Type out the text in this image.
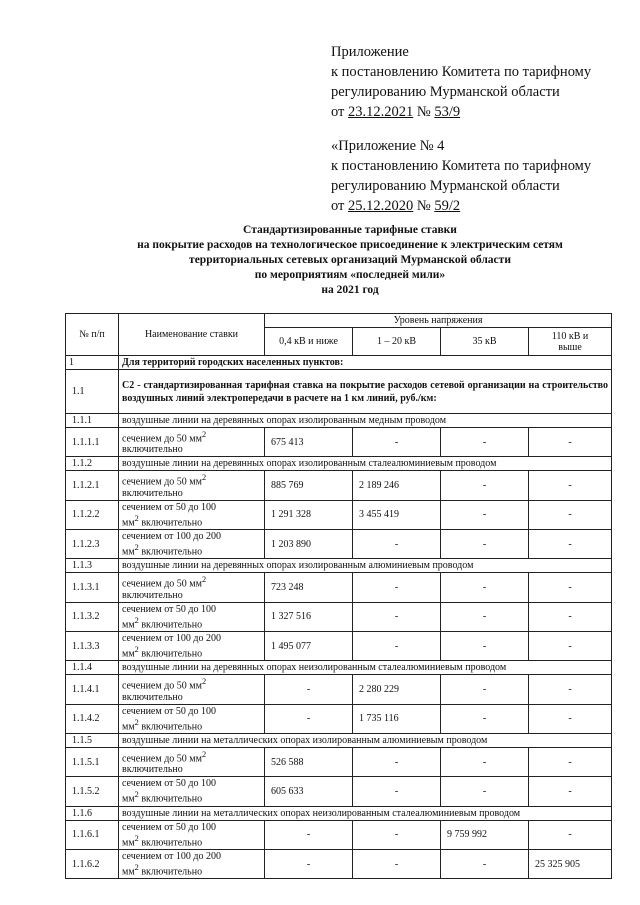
Приложение
к постановлению Комитета по тарифному
регулированию Мурманской области
от 23.12.2021 № 53/9
«Приложение № 4
к постановлению Комитета по тарифному
регулированию Мурманской области
от 25.12.2020 № 59/2
Стандартизированные тарифные ставки
на покрытие расходов на технологическое присоединение к электрическим сетям
территориальных сетевых организаций Мурманской области
по мероприятиям «последней мили»
на 2021 год
№ п/п	Наименование ставки	Уровень напряжения			
		0,4 кВ и ниже	1 – 20 кВ	35 кВ	110 кВ и
выше
1	Для территорий городских населенных пунктов:				
1.1	С2 - стандартизированная тарифная ставка на покрытие расходов сетевой организации на строительство воздушных линий электропередачи в расчете на 1 км линий, руб./км:				
1.1.1	воздушные линии на деревянных опорах изолированным медным проводом				
1.1.1.1	сечением до 50 $мм^2$
включительно	675 413	-	-	-
1.1.2	воздушные линии на деревянных опорах изолированным сталеалюминиевым проводом				
1.1.2.1	сечением до 50 $мм^2$
включительно	885 769	2 189 246	-	-
1.1.2.2	сечением от 50 до 100
$мм^2$ включительно	1 291 328	3 455 419	-	-
1.1.2.3	сечением от 100 до 200
$мм^2$ включительно	1 203 890	-	-	-
1.1.3	воздушные линии на деревянных опорах изолированным алюминиевым проводом				
1.1.3.1	сечением до 50 $мм^2$
включительно	723 248	-	-	-
1.1.3.2	сечением от 50 до 100
$мм^2$ включительно	1 327 516	-	-	-
1.1.3.3	сечением от 100 до 200
$мм^2$ включительно	1 495 077	-	-	-
1.1.4	воздушные линии на деревянных опорах неизолированным сталеалюминиевым проводом				
1.1.4.1	сечением до 50 $мм^2$
включительно	-	2 280 229	-	-
1.1.4.2	сечением от 50 до 100
$мм^2$ включительно	-	1 735 116	-	-
1.1.5	воздушные линии на металлических опорах изолированным алюминиевым проводом				
1.1.5.1	сечением до 50 $мм^2$
включительно	526 588	-	-	-
1.1.5.2	сечением от 50 до 100
$мм^2$ включительно	605 633	-	-	-
1.1.6	воздушные линии на металлических опорах неизолированным сталеалюминиевым проводом				
1.1.6.1	сечением от 50 до 100
$мм^2$ включительно	-	-	9 759 992	-
1.1.6.2	сечением от 100 до 200
$мм^2$ включительно	-	-	-	25 325 905
